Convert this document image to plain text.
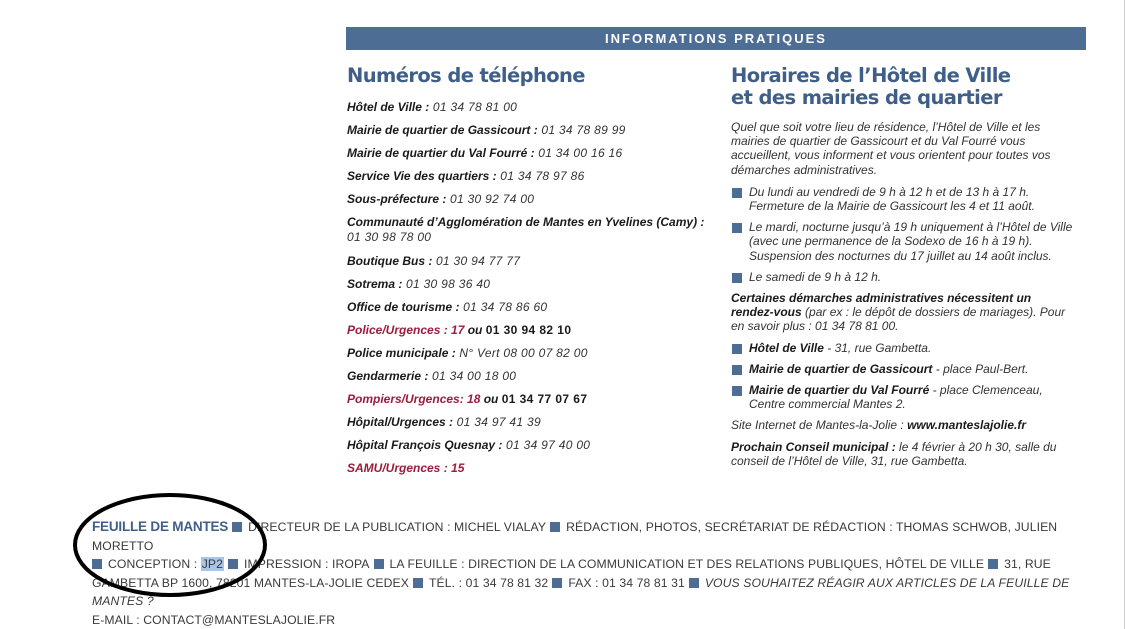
INFORMATIONS PRATIQUES
Numéros de téléphone
Hôtel de Ville : 01 34 78 81 00
Mairie de quartier de Gassicourt : 01 34 78 89 99
Mairie de quartier du Val Fourré : 01 34 00 16 16
Service Vie des quartiers : 01 34 78 97 86
Sous-préfecture : 01 30 92 74 00
Communauté d’Agglomération de Mantes en Yvelines (Camy) : 01 30 98 78 00
Boutique Bus : 01 30 94 77 77
Sotrema : 01 30 98 36 40
Office de tourisme : 01 34 78 86 60
Police/Urgences : 17 ou 01 30 94 82 10
Police municipale : N° Vert 08 00 07 82 00
Gendarmerie : 01 34 00 18 00
Pompiers/Urgences: 18 ou 01 34 77 07 67
Hôpital/Urgences : 01 34 97 41 39
Hôpital François Quesnay : 01 34 97 40 00
SAMU/Urgences : 15
Horaires de l’Hôtel de Ville
et des mairies de quartier

Quel que soit votre lieu de résidence, l’Hôtel de Ville et les mairies de quartier de Gassicourt et du Val Fourré vous accueillent, vous informent et vous orientent pour toutes vos démarches administratives.

Du lundi au vendredi de 9 h à 12 h et de 13 h à 17 h. Fermeture de la Mairie de Gassicourt les 4 et 11 août.

Le mardi, nocturne jusqu’à 19 h uniquement à l’Hôtel de Ville (avec une permanence de la Sodexo de 16 h à 19 h). Suspension des nocturnes du 17 juillet au 14 août inclus.

Le samedi de 9 h à 12 h.

Certaines démarches administratives nécessitent un rendez-vous (par ex : le dépôt de dossiers de mariages). Pour en savoir plus : 01 34 78 81 00.

Hôtel de Ville - 31, rue Gambetta.

Mairie de quartier de Gassicourt - place Paul-Bert.

Mairie de quartier du Val Fourré - place Clemenceau, Centre commercial Mantes 2.

Site Internet de Mantes-la-Jolie : www.manteslajolie.fr

Prochain Conseil municipal : le 4 février à 20 h 30, salle du conseil de l’Hôtel de Ville, 31, rue Gambetta.

FEUILLE DE MANTES DIRECTEUR DE LA PUBLICATION : MICHEL VIALAY RÉDACTION, PHOTOS, SECRÉTARIAT DE RÉDACTION : THOMAS SCHWOB, JULIEN MORETTO
CONCEPTION : JP2 IMPRESSION : IROPA LA FEUILLE : DIRECTION DE LA COMMUNICATION ET DES RELATIONS PUBLIQUES, HÔTEL DE VILLE 31, RUE GAMBETTA BP 1600, 78201 MANTES-LA-JOLIE CEDEX TÉL. : 01 34 78 81 32 FAX : 01 34 78 81 31 VOUS SOUHAITEZ RÉAGIR AUX ARTICLES DE LA FEUILLE DE MANTES ?
E-MAIL : CONTACT@MANTESLAJOLIE.FR
